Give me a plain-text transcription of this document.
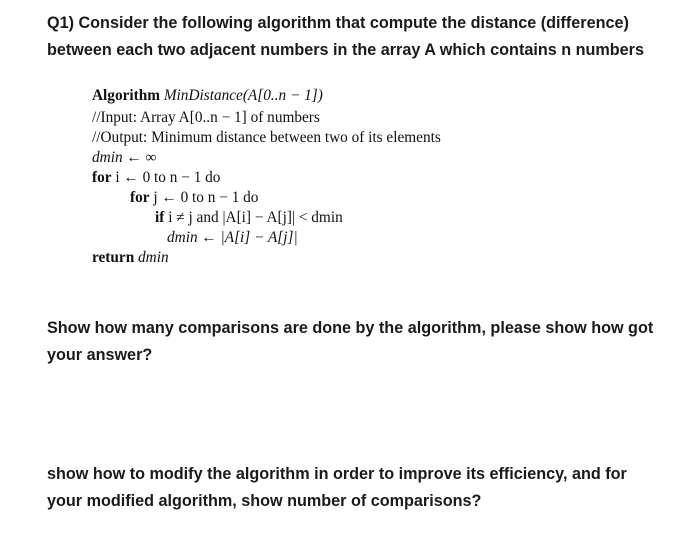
Q1) Consider the following algorithm that compute the distance (difference)
between each two adjacent numbers in the array A which contains n numbers
Algorithm MinDistance(A[0..n − 1])
//Input: Array A[0..n − 1] of numbers
//Output: Minimum distance between two of its elements
dmin ← ∞
for i ← 0 to n − 1 do
for j ← 0 to n − 1 do
if i ≠ j and |A[i] − A[j]| < dmin
dmin ← |A[i] − A[j]|
return dmin
Show how many comparisons are done by the algorithm, please show how got
your answer?
show how to modify the algorithm in order to improve its efficiency, and for
your modified algorithm, show number of comparisons?
